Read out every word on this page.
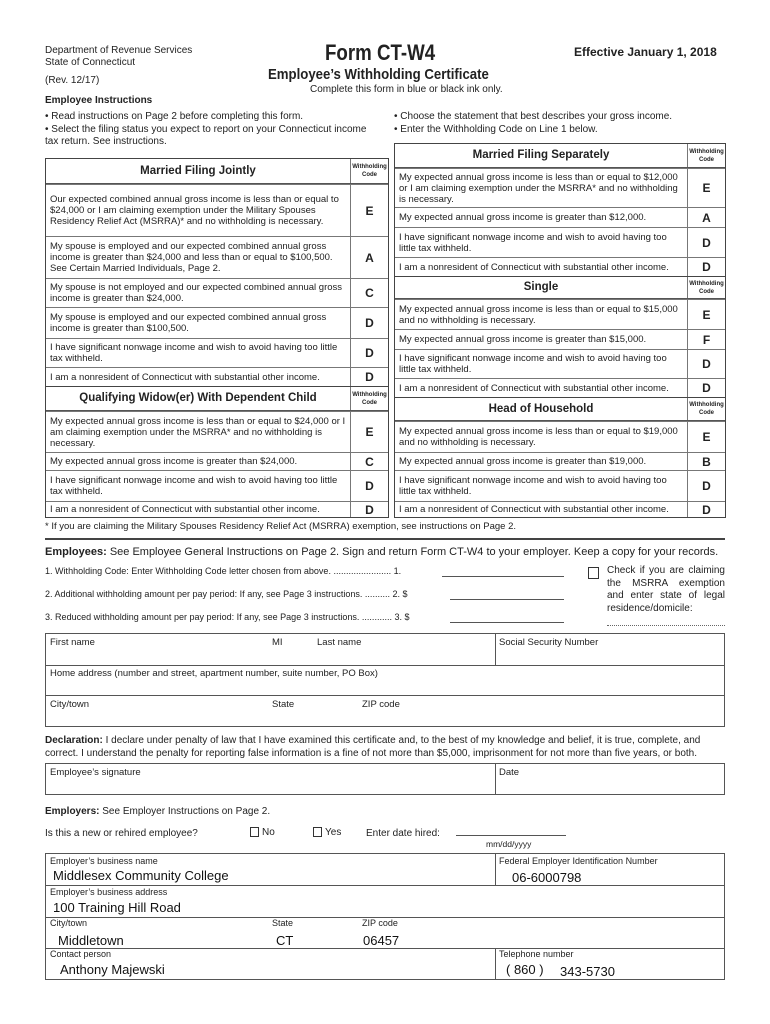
Department of Revenue Services
State of Connecticut
(Rev. 12/17)
Form CT-W4
Employee’s Withholding Certificate
Complete this form in blue or black ink only.
Effective January 1, 2018
Employee Instructions
• Read instructions on Page 2 before completing this form.
• Select the filing status you expect to report on your Connecticut income tax return. See instructions.
• Choose the statement that best describes your gross income.
• Enter the Withholding Code on Line 1 below.
Married Filing Jointly	Withholding
Code
Our expected combined annual gross income is less than or equal to $24,000 or I am claiming exemption under the Military Spouses Residency Relief Act (MSRRA)* and no withholding is necessary.
E
My spouse is employed and our expected combined annual gross income is greater than $24,000 and less than or equal to $100,500. See Certain Married Individuals, Page 2.
A
My spouse is not employed and our expected combined annual gross income is greater than $24,000.	C
My spouse is employed and our expected combined annual gross income is greater than $100,500.	D
I have significant nonwage income and wish to avoid having too little tax withheld.	D
I am a nonresident of Connecticut with substantial other income.	D
Qualifying Widow(er) With Dependent Child	Withholding
Code
My expected annual gross income is less than or equal to $24,000 or I am claiming exemption under the MSRRA* and no withholding is necessary.
E
My expected annual gross income is greater than $24,000.	C
I have significant nonwage income and wish to avoid having too little tax withheld.	D
I am a nonresident of Connecticut with substantial other income.	D
Married Filing Separately	Withholding
Code
My expected annual gross income is less than or equal to $12,000 or I am claiming exemption under the MSRRA* and no withholding is necessary.
E
My expected annual gross income is greater than $12,000.	A
I have significant nonwage income and wish to avoid having too little tax withheld.	D
I am a nonresident of Connecticut with substantial other income.	D
Single	Withholding
Code
My expected annual gross income is less than or equal to $15,000 and no withholding is necessary.	E
My expected annual gross income is greater than $15,000.	F
I have significant nonwage income and wish to avoid having too little tax withheld.	D
I am a nonresident of Connecticut with substantial other income.	D
Head of Household	Withholding
Code
My expected annual gross income is less than or equal to $19,000 and no withholding is necessary.	E
My expected annual gross income is greater than $19,000.	B
I have significant nonwage income and wish to avoid having too little tax withheld.	D
I am a nonresident of Connecticut with substantial other income.	D
* If you are claiming the Military Spouses Residency Relief Act (MSRRA) exemption, see instructions on Page 2.
Employees: See Employee General Instructions on Page 2. Sign and return Form CT-W4 to your employer. Keep a copy for your records.
1. Withholding Code: Enter Withholding Code letter chosen from above. ....................... 1.
2. Additional withholding amount per pay period: If any, see Page 3 instructions. .......... 2. $
3. Reduced withholding amount per pay period: If any, see Page 3 instructions. ............ 3. $
Check if you are claiming the MSRRA exemption and enter state of legal residence/domicile:
First name	MI	Last name	Social Security Number
Home address (number and street, apartment number, suite number, PO Box)
City/town	State	ZIP code
Declaration: I declare under penalty of law that I have examined this certificate and, to the best of my knowledge and belief, it is true, complete, and correct. I understand the penalty for reporting false information is a fine of not more than $5,000, imprisonment for not more than five years, or both.
Employee’s signature	Date
Employers: See Employer Instructions on Page 2.
Is this a new or rehired employee?	No	Yes Enter date hired:
mm/dd/yyyy
Employer’s business name
Middlesex Community College
Federal Employer Identification Number
06-6000798
Employer’s business address
100 Training Hill Road
City/town	State	ZIP code
Middletown	CT	06457
Contact person
Anthony Majewski
Telephone number
( 860 ) 343-5730
